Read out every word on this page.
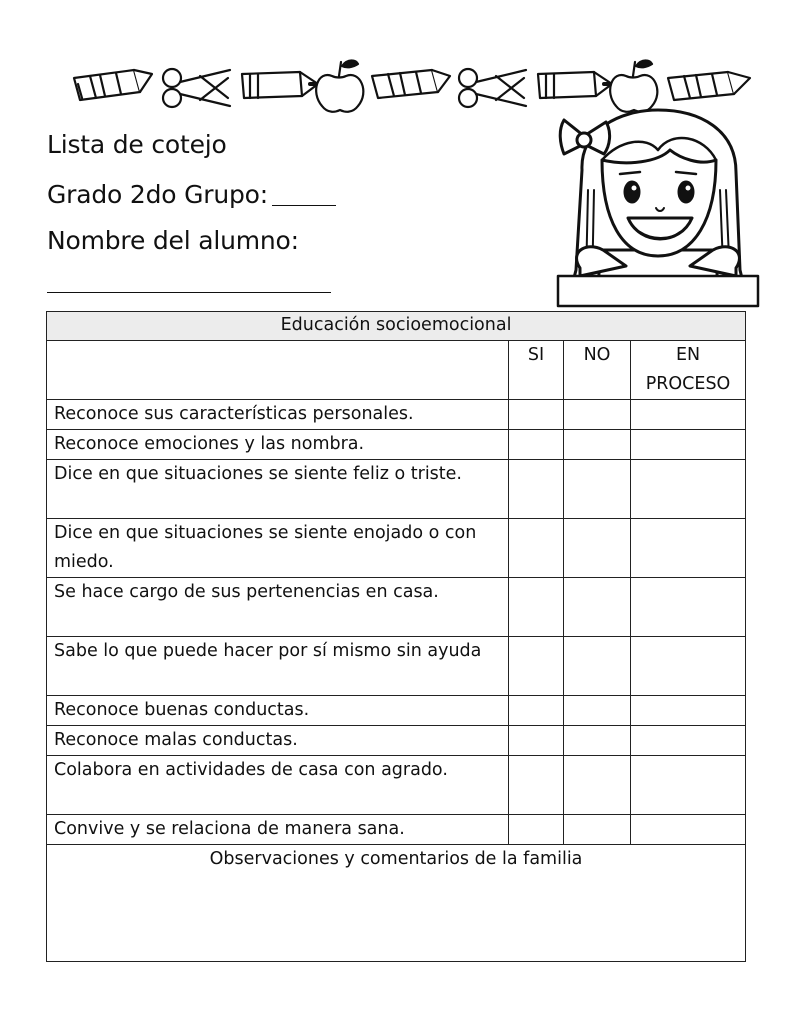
Lista de cotejo
Grado 2do Grupo:
Nombre del alumno:
Educación socioemocional			
	SI	NO	EN PROCESO
Reconoce sus características personales.			
Reconoce emociones y las nombra.			
Dice en que situaciones se siente feliz o triste.			
Dice en que situaciones se siente enojado o con miedo.			
Se hace cargo de sus pertenencias en casa.			
Sabe lo que puede hacer por sí mismo sin ayuda			
Reconoce buenas conductas.			
Reconoce malas conductas.			
Colabora en actividades de casa con agrado.			
Convive y se relaciona de manera sana.			

Observaciones y comentarios de la familia			
